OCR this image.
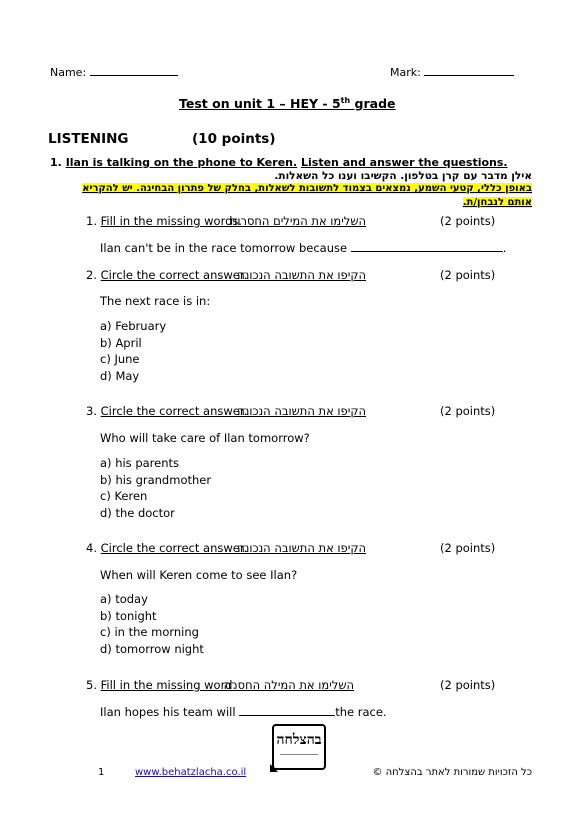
Name:	Mark:
Test on unit 1 – HEY - 5th grade
LISTENING	(10 points)
1. Ilan is talking on the phone to Keren. Listen and answer the questions.
אילן מדבר עם קרן בטלפון. הקשיבו וענו כל השאלות.
באופן כללי, קטעי השמע, נמצאים בצמוד לתשובות לשאלות, בחלק של פתרון הבחינה. יש להקריא
אותם לנבחן/ת.
1. Fill in the missing words.
השלימו את המילים החסרות	(2 points)
Ilan can't be in the race tomorrow because	.
2. Circle the correct answer.
הקיפו את התשובה הנכונה	(2 points)
The next race is in:
a) February
b) April
c) June
d) May
3. Circle the correct answer.
הקיפו את התשובה הנכונה	(2 points)
Who will take care of Ilan tomorrow?
a) his parents
b) his grandmother
c) Keren
d) the doctor
4. Circle the correct answer.
הקיפו את התשובה הנכונה	(2 points)
When will Keren come to see Ilan?
a) today
b) tonight
c) in the morning
d) tomorrow night
5. Fill in the missing word.
השלימו את המילה החסרה	(2 points)
Ilan hopes his team will	the race.
בהצלחה
1	www.behatzlacha.co.il	כל הזכויות שמורות לאתר בהצלחה ©
